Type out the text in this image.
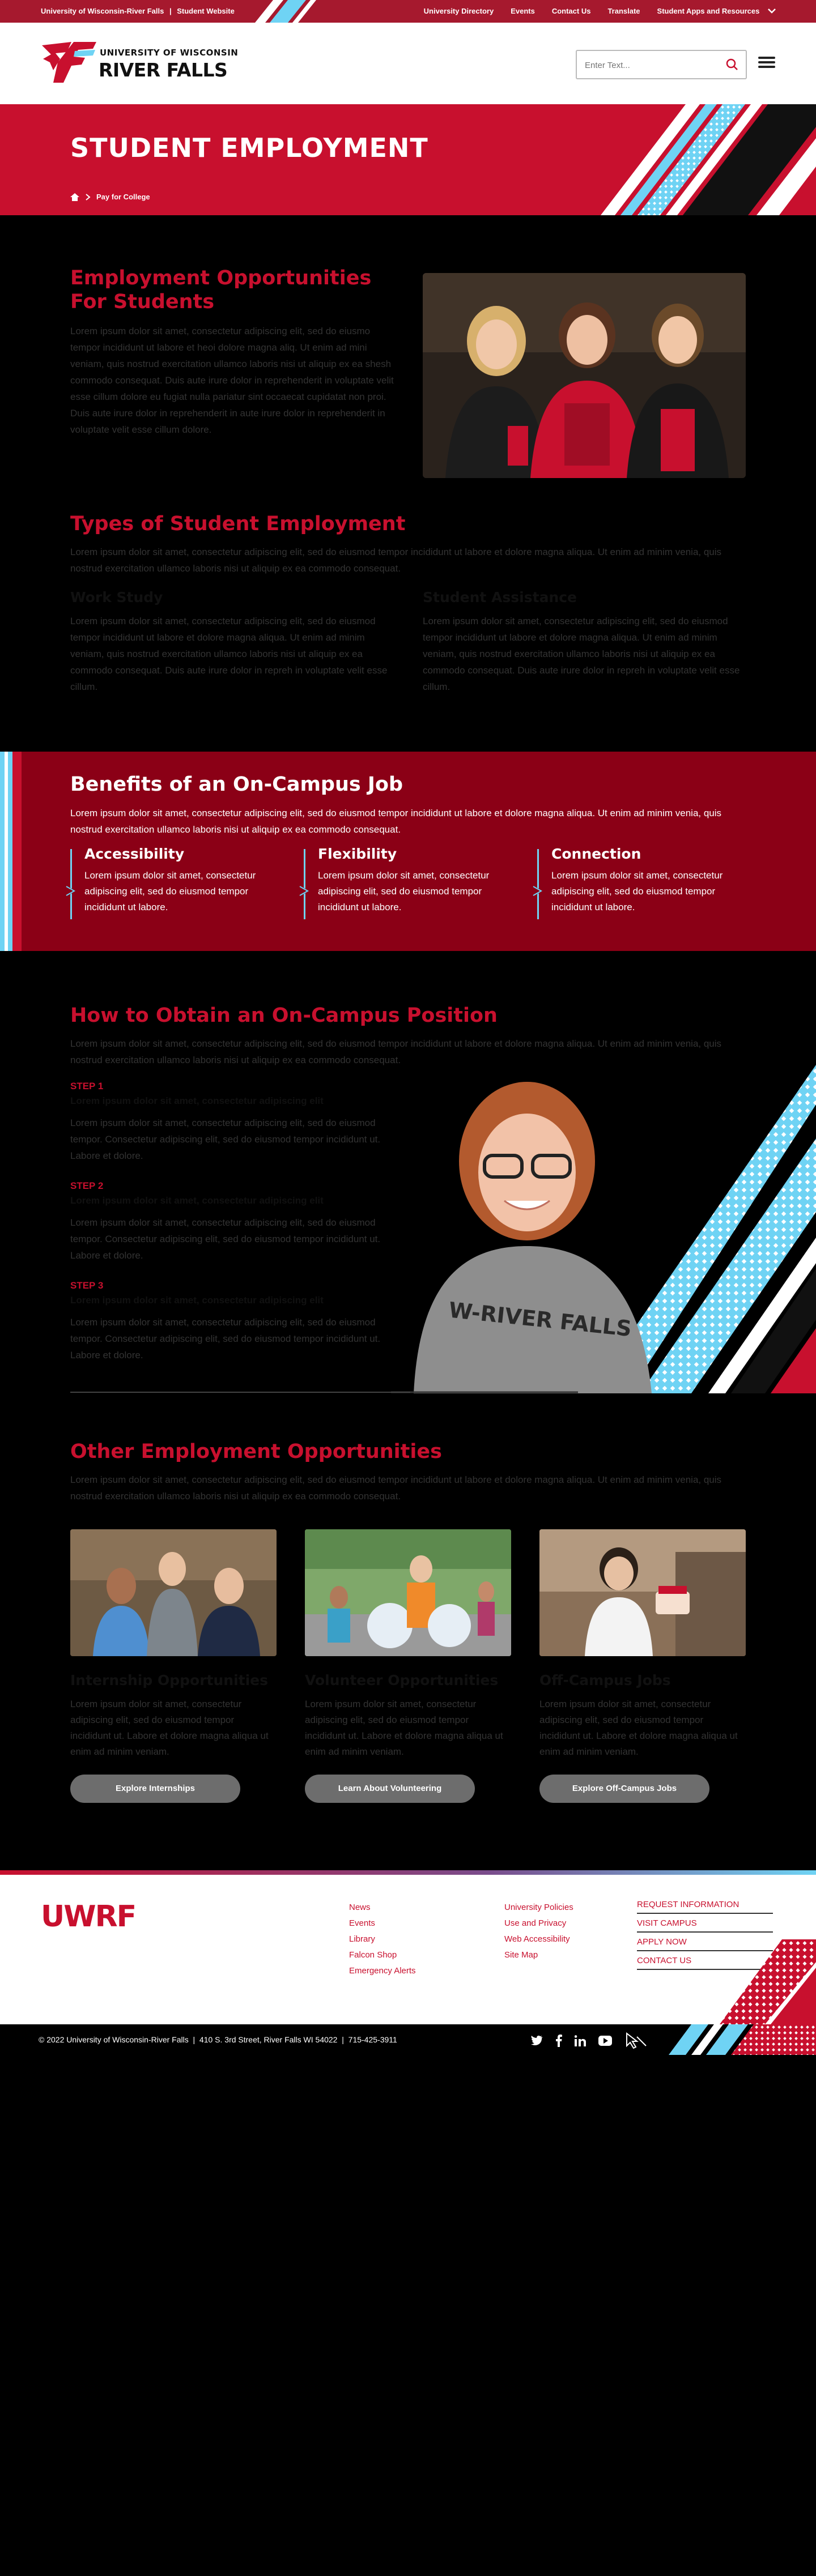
University of Wisconsin-River Falls | Student Website	University Directory Events Contact Us Translate Student Apps and Resources
UNIVERSITY OF WISCONSIN
RIVER FALLS
Enter Text...
STUDENT EMPLOYMENT
Pay for College
Employment Opportunities For Students

Lorem ipsum dolor sit amet, consectetur adipiscing elit, sed do eiusmo tempor incididunt ut labore et heoi dolore magna aliq. Ut enim ad mini veniam, quis nostrud exercitation ullamco laboris nisi ut aliquip ex ea shesh commodo consequat. Duis aute irure dolor in reprehenderit in voluptate velit esse cillum dolore eu fugiat nulla pariatur sint occaecat cupidatat non proi. Duis aute irure dolor in reprehenderit in aute irure dolor in reprehenderit in voluptate velit esse cillum dolore.

Types of Student Employment

Lorem ipsum dolor sit amet, consectetur adipiscing elit, sed do eiusmod tempor incididunt ut labore et dolore magna aliqua. Ut enim ad minim venia, quis nostrud exercitation ullamco laboris nisi ut aliquip ex ea commodo consequat.

Work Study

Lorem ipsum dolor sit amet, consectetur adipiscing elit, sed do eiusmod tempor incididunt ut labore et dolore magna aliqua. Ut enim ad minim veniam, quis nostrud exercitation ullamco laboris nisi ut aliquip ex ea commodo consequat. Duis aute irure dolor in repreh in voluptate velit esse cillum.

Student Assistance

Lorem ipsum dolor sit amet, consectetur adipiscing elit, sed do eiusmod tempor incididunt ut labore et dolore magna aliqua. Ut enim ad minim veniam, quis nostrud exercitation ullamco laboris nisi ut aliquip ex ea commodo consequat. Duis aute irure dolor in repreh in voluptate velit esse cillum.

Benefits of an On-Campus Job

Lorem ipsum dolor sit amet, consectetur adipiscing elit, sed do eiusmod tempor incididunt ut labore et dolore magna aliqua. Ut enim ad minim venia, quis nostrud exercitation ullamco laboris nisi ut aliquip ex ea commodo consequat.

Accessibility

Lorem ipsum dolor sit amet, consectetur adipiscing elit, sed do eiusmod tempor incididunt ut labore.

Flexibility

Lorem ipsum dolor sit amet, consectetur adipiscing elit, sed do eiusmod tempor incididunt ut labore.

Connection

Lorem ipsum dolor sit amet, consectetur adipiscing elit, sed do eiusmod tempor incididunt ut labore.

How to Obtain an On-Campus Position

Lorem ipsum dolor sit amet, consectetur adipiscing elit, sed do eiusmod tempor incididunt ut labore et dolore magna aliqua. Ut enim ad minim venia, quis nostrud exercitation ullamco laboris nisi ut aliquip ex ea commodo consequat.

STEP 1
Lorem ipsum dolor sit amet, consectetur adipiscing elit

Lorem ipsum dolor sit amet, consectetur adipiscing elit, sed do eiusmod tempor. Consectetur adipiscing elit, sed do eiusmod tempor incididunt ut. Labore et dolore.

STEP 2
Lorem ipsum dolor sit amet, consectetur adipiscing elit

Lorem ipsum dolor sit amet, consectetur adipiscing elit, sed do eiusmod tempor. Consectetur adipiscing elit, sed do eiusmod tempor incididunt ut. Labore et dolore.

STEP 3
Lorem ipsum dolor sit amet, consectetur adipiscing elit

Lorem ipsum dolor sit amet, consectetur adipiscing elit, sed do eiusmod tempor. Consectetur adipiscing elit, sed do eiusmod tempor incididunt ut. Labore et dolore.

W-RIVER FALLS
Other Employment Opportunities

Lorem ipsum dolor sit amet, consectetur adipiscing elit, sed do eiusmod tempor incididunt ut labore et dolore magna aliqua. Ut enim ad minim venia, quis nostrud exercitation ullamco laboris nisi ut aliquip ex ea commodo consequat.

Internship Opportunities

Lorem ipsum dolor sit amet, consectetur adipiscing elit, sed do eiusmod tempor incididunt ut. Labore et dolore magna aliqua ut enim ad minim veniam.

Explore Internships
Volunteer Opportunities

Lorem ipsum dolor sit amet, consectetur adipiscing elit, sed do eiusmod tempor incididunt ut. Labore et dolore magna aliqua ut enim ad minim veniam.

Learn About Volunteering
Off-Campus Jobs

Lorem ipsum dolor sit amet, consectetur adipiscing elit, sed do eiusmod tempor incididunt ut. Labore et dolore magna aliqua ut enim ad minim veniam.

Explore Off-Campus Jobs
UWRF	News
Events
Library
Falcon Shop
Emergency Alerts
University Policies
Use and Privacy
Web Accessibility
Site Map
REQUEST INFORMATION
VISIT CAMPUS
APPLY NOW
CONTACT US
© 2022 University of Wisconsin-River Falls  |  410 S. 3rd Street, River Falls WI 54022  |  715-425-3911
